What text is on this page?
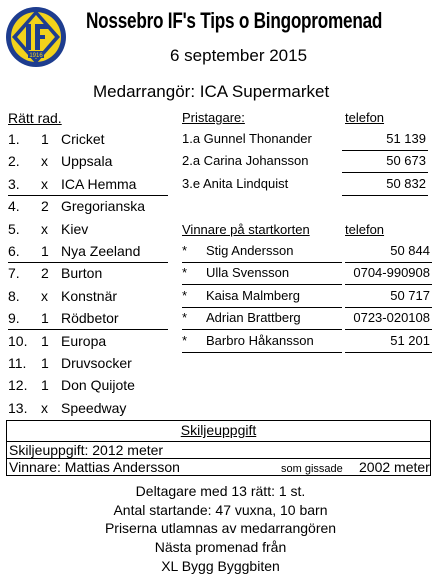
1916
Nossebro IF's Tips o Bingopromenad
6 september 2015
Medarrangör: ICA Supermarket
Rätt rad.
1. 1 Cricket
2. x Uppsala
3. x ICA Hemma
4. 2 Gregorianska
5. x Kiev
6. 1 Nya Zeeland
7. 2 Burton
8. x Konstnär
9. 1 Rödbetor
10. 1 Europa
11. 1 Druvsocker
12. 1 Don Quijote
13. x Speedway
Pristagare:	telefon
1.a Gunnel Thonander	51 139
2.a Carina Johansson	50 673
3.e Anita Lindquist	50 832
Vinnare på startkorten	telefon
* Stig Andersson	50 844
* Ulla Svensson	0704-990908
* Kaisa Malmberg	50 717
* Adrian Brattberg	0723-020108
* Barbro Håkansson	51 201
Skiljeuppgift
Skiljeuppgift: 2012 meter
Vinnare: Mattias Andersson	som gissade 2002 meter
Deltagare med 13 rätt: 1 st.
Antal startande: 47 vuxna, 10 barn
Priserna utlamnas av medarrangören
Nästa promenad från
XL Bygg Byggbiten
